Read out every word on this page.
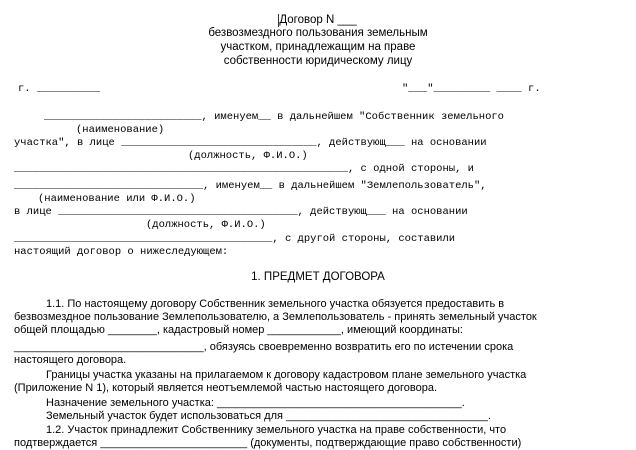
Договор N ___
безвозмездного пользования земельным
участком, принадлежащим на праве
собственности юридическому лицу
г. __________	"___"_________ ____ г.
_________________________, именуем__ в дальнейшем "Собственник земельного
(наименование)
участка", в лице _______________________________, действующ___ на основании
(должность, Ф.И.О.)
_____________________________________________________, с одной стороны, и
______________________________, именуем__ в дальнейшем "Землепользователь",
(наименование или Ф.И.О.)
в лице ______________________________________, действующ___ на основании
(должность, Ф.И.О.)
_________________________________________, с другой стороны, составили
настоящий договор о нижеследующем:
1. ПРЕДМЕТ ДОГОВОРА
1.1. По настоящему договору Собственник земельного участка обязуется предоставить в
безвозмездное пользование Землепользователю, а Землепользователь - принять земельный участок
общей площадью ________, кадастровый номер ____________, имеющий координаты:
_______________________________, обязуясь своевременно возвратить его по истечении срока
настоящего договора.
Границы участка указаны на прилагаемом к договору кадастровом плане земельного участка
(Приложение N 1), который является неотъемлемой частью настоящего договора.
Назначение земельного участка: ________________________________________.
Земельный участок будет использоваться для _________________________________.
1.2. Участок принадлежит Собственнику земельного участка на праве собственности, что
подтверждается ________________________ (документы, подтверждающие право собственности)
